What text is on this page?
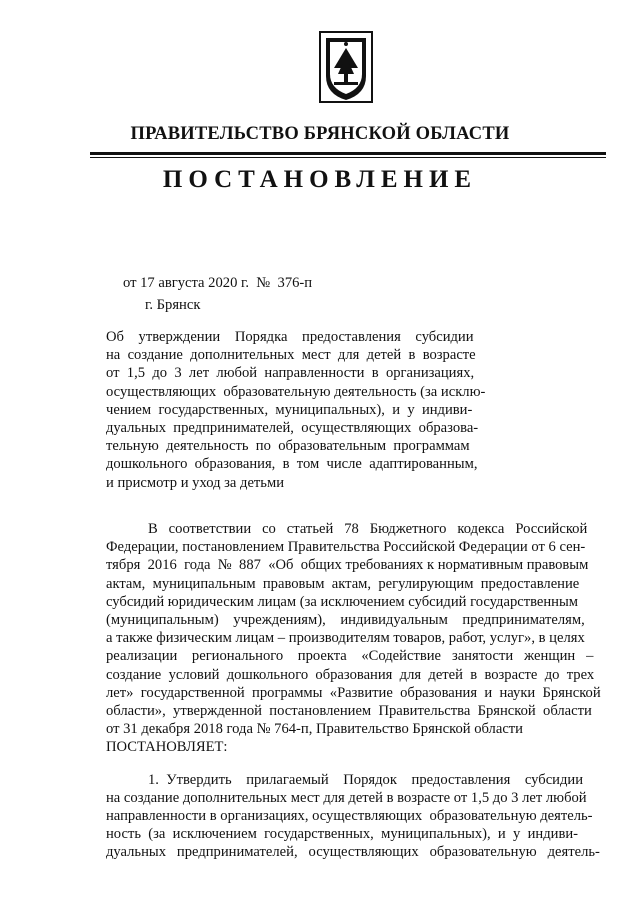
ПРАВИТЕЛЬСТВО БРЯНСКОЙ ОБЛАСТИ
ПОСТАНОВЛЕНИЕ
от 17 августа 2020 г.  №  376-п
г. Брянск
Об    утверждении    Порядка    предоставления    субсидии
на  создание  дополнительных  мест  для  детей  в  возрасте
от  1,5  до  3  лет  любой  направленности  в  организациях,
осуществляющих  образовательную деятельность (за исклю-
чением  государственных,  муниципальных),  и  у  индиви-
дуальных  предпринимателей,  осуществляющих  образова-
тельную  деятельность  по  образовательным  программам
дошкольного  образования,  в  том  числе  адаптированным,
и присмотр и уход за детьми
В   соответствии   со   статьей   78   Бюджетного   кодекса   Российской
Федерации, постановлением Правительства Российской Федерации от 6 сен-
тября  2016  года  №  887  «Об  общих требованиях к нормативным правовым
актам,  муниципальным  правовым  актам,  регулирующим  предоставление
субсидий юридическим лицам (за исключением субсидий государственным
(муниципальным)    учреждениям),    индивидуальным    предпринимателям,
а также физическим лицам – производителям товаров, работ, услуг», в целях
реализации    регионального    проекта    «Содействие   занятости   женщин   –
создание  условий  дошкольного  образования  для  детей  в  возрасте  до  трех
лет»  государственной  программы  «Развитие  образования  и  науки  Брянской
области»,  утвержденной  постановлением  Правительства  Брянской  области
от 31 декабря 2018 года № 764-п, Правительство Брянской области
ПОСТАНОВЛЯЕТ:
1.  Утвердить    прилагаемый    Порядок    предоставления    субсидии
на создание дополнительных мест для детей в возрасте от 1,5 до 3 лет любой
направленности в организациях, осуществляющих  образовательную деятель-
ность  (за  исключением  государственных,  муниципальных),  и  у  индиви-
дуальных   предпринимателей,   осуществляющих   образовательную   деятель-
